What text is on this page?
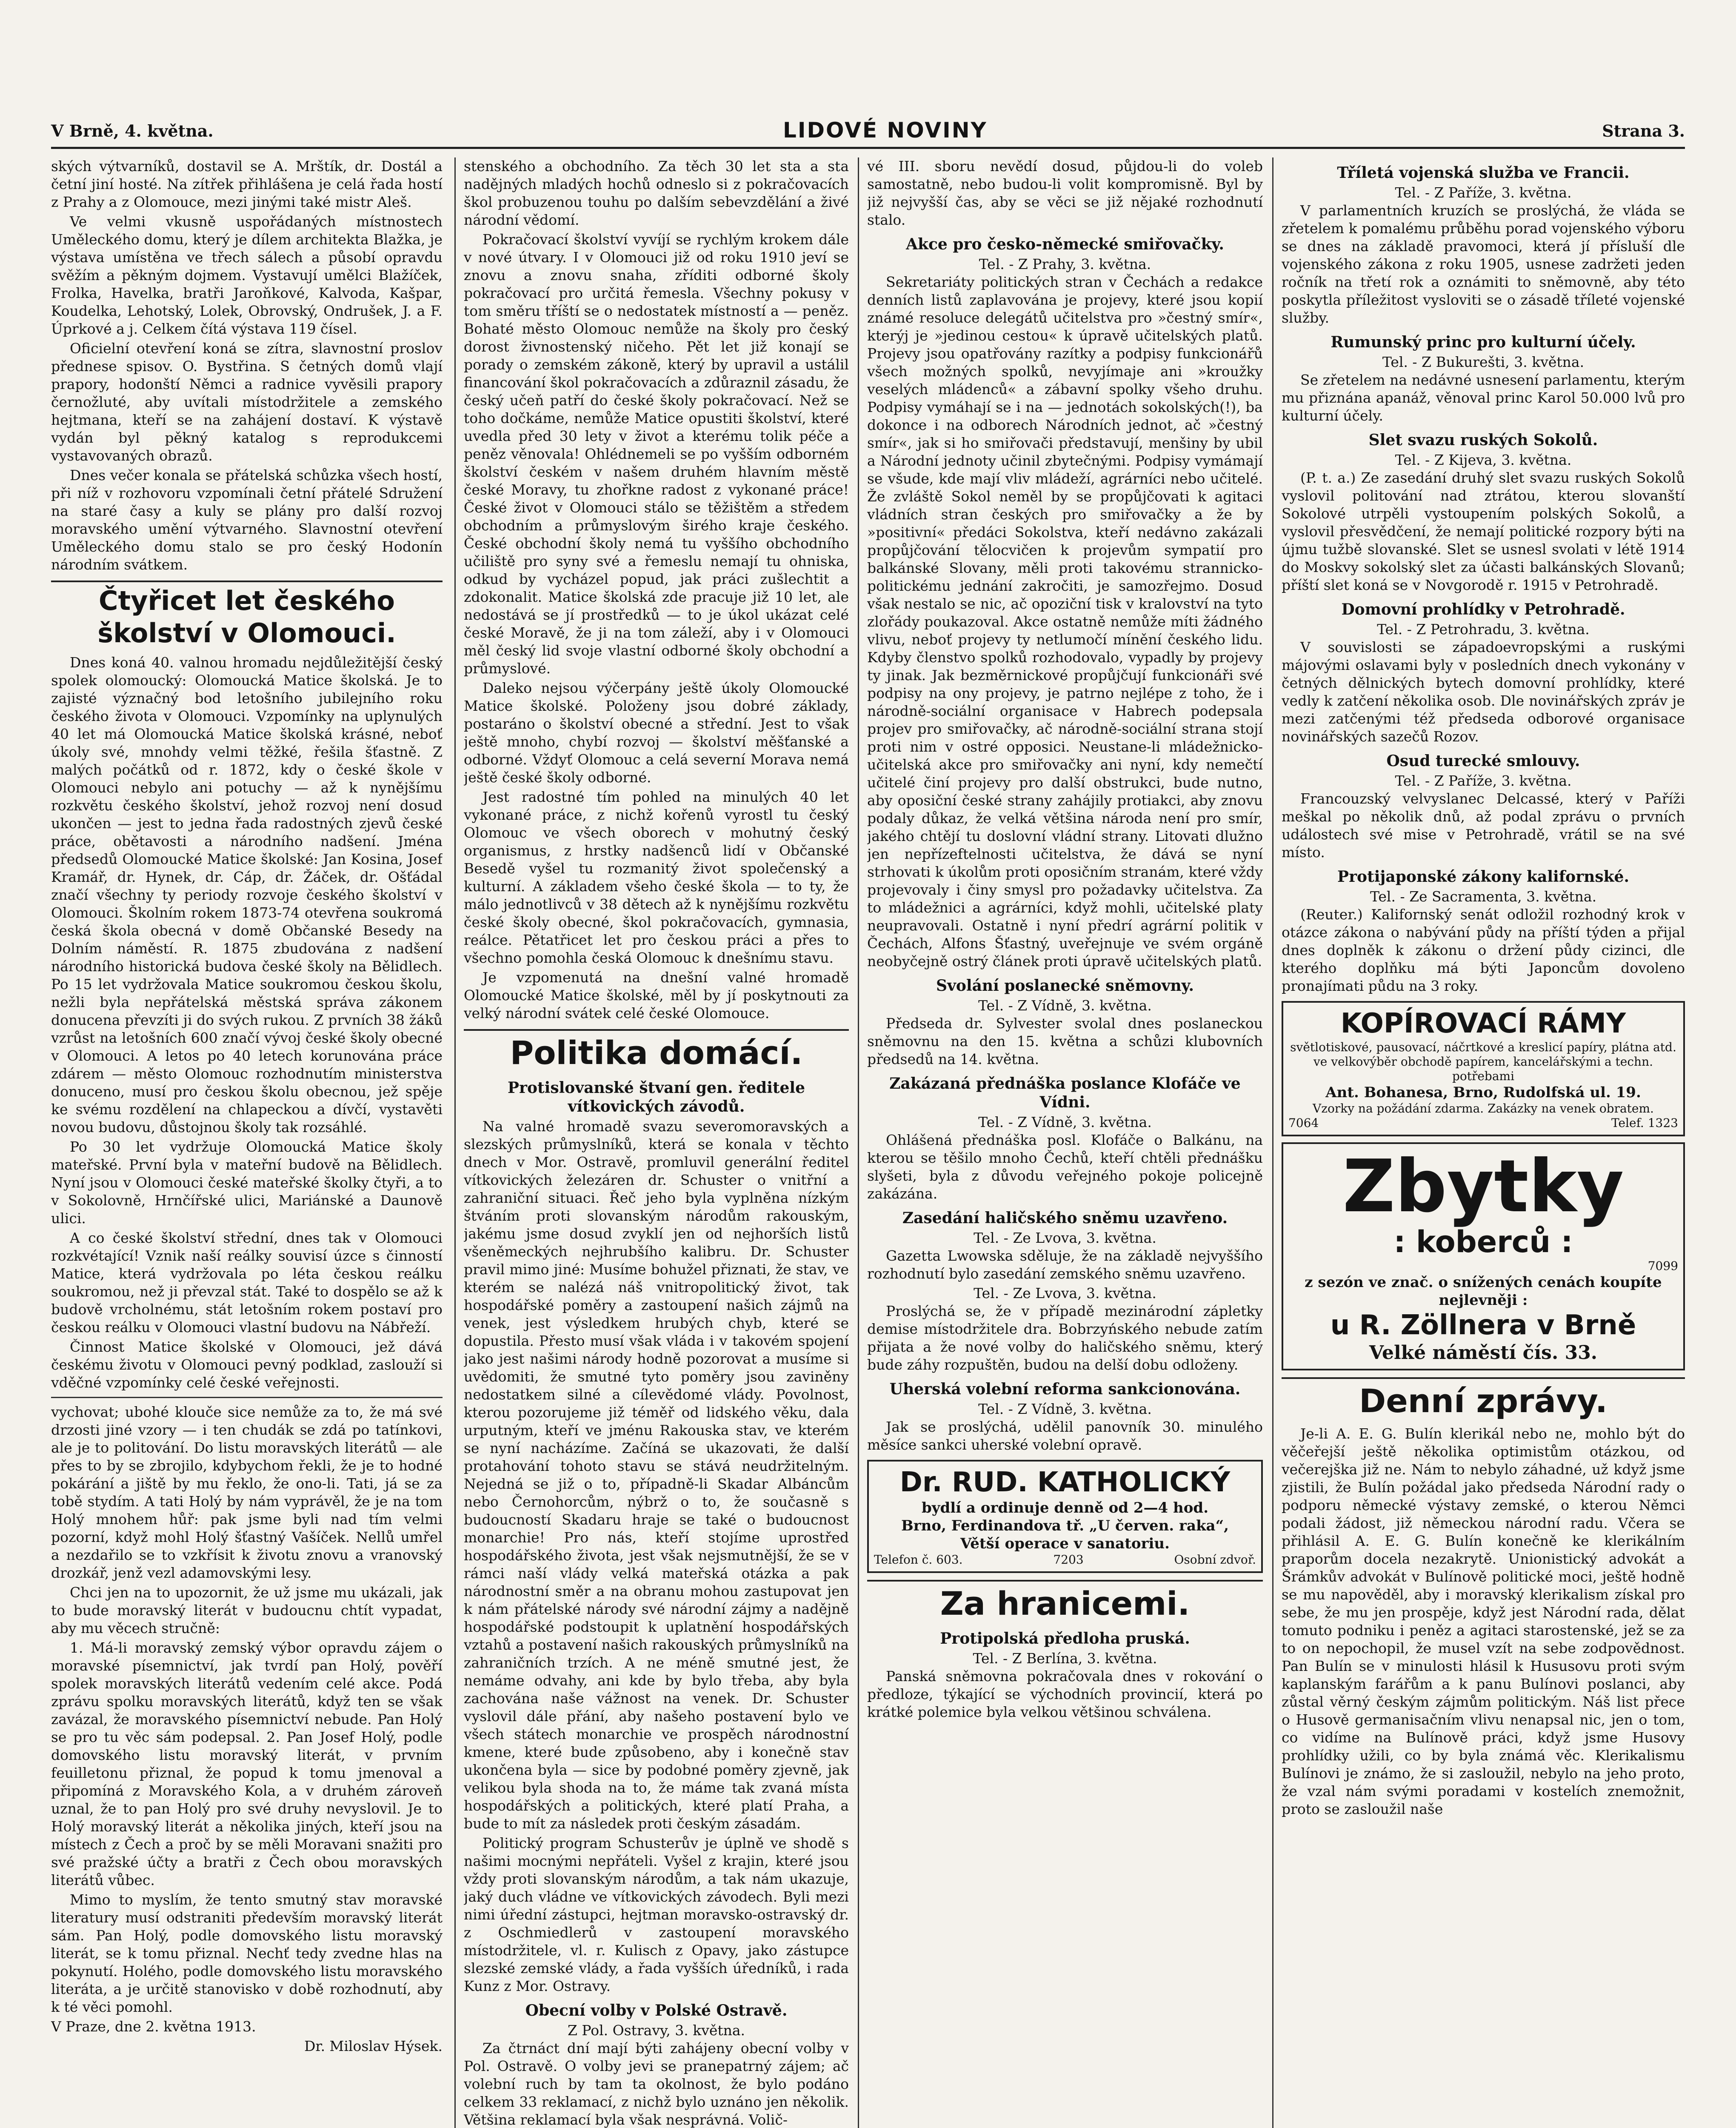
V Brně, 4. května.	LIDOVÉ NOVINY	Strana 3.

ských výtvarníků, dostavil se A. Mrštík, dr. Dostál a četní jiní hosté. Na zítřek přihlášena je celá řada hostí z Prahy a z Olomouce, mezi jinými také mistr Aleš.

Ve velmi vkusně uspořádaných místnostech Uměleckého domu, který je dílem architekta Blažka, je výstava umístěna ve třech sálech a působí opravdu svěžím a pěkným dojmem. Vystavují umělci Blažíček, Frolka, Havelka, bratři Jaroňkové, Kalvoda, Kašpar, Koudelka, Lehotský, Lolek, Obrovský, Ondrušek, J. a F. Úprkové a j. Celkem čítá výstava 119 čísel.

Oficielní otevření koná se zítra, slavnostní proslov přednese spisov. O. Bystřina. S četných domů vlají prapory, hodonští Němci a radnice vyvěsili prapory černožluté, aby uvítali místodržitele a zemského hejtmana, kteří se na zahájení dostaví. K výstavě vydán byl pěkný katalog s reprodukcemi vystavovaných obrazů.

Dnes večer konala se přátelská schůzka všech hostí, při níž v rozhovoru vzpomínali četní přátelé Sdružení na staré časy a kuly se plány pro další rozvoj moravského umění výtvarného. Slavnostní otevření Uměleckého domu stalo se pro český Hodonín národním svátkem.

Čtyřicet let českého školství v Olomouci.

Dnes koná 40. valnou hromadu nejdůležitější český spolek olomoucký: Olomoucká Matice školská. Je to zajisté význačný bod letošního jubilejního roku českého života v Olomouci. Vzpomínky na uplynulých 40 let má Olomoucká Matice školská krásné, neboť úkoly své, mnohdy velmi těžké, řešila šťastně. Z malých počátků od r. 1872, kdy o české škole v Olomouci nebylo ani potuchy — až k nynějšímu rozkvětu českého školství, jehož rozvoj není dosud ukončen — jest to jedna řada radostných zjevů české práce, obětavosti a národního nadšení. Jména předsedů Olomoucké Matice školské: Jan Kosina, Josef Kramář, dr. Hynek, dr. Cáp, dr. Žáček, dr. Ošťádal značí všechny ty periody rozvoje českého školství v Olomouci. Školním rokem 1873-74 otevřena soukromá česká škola obecná v domě Občanské Besedy na Dolním náměstí. R. 1875 zbudována z nadšení národního historická budova české školy na Bělidlech. Po 15 let vydržovala Matice soukromou českou školu, nežli byla nepřátelská městská správa zákonem donucena převzíti ji do svých rukou. Z prvních 38 žáků vzrůst na letošních 600 značí vývoj české školy obecné v Olomouci. A letos po 40 letech korunována práce zdárem — město Olomouc rozhodnutím ministerstva donuceno, musí pro českou školu obecnou, jež spěje ke svému rozdělení na chlapeckou a dívčí, vystavěti novou budovu, důstojnou školy tak rozsáhlé.

Po 30 let vydržuje Olomoucká Matice školy mateřské. První byla v mateřní budově na Bělidlech. Nyní jsou v Olomouci české mateřské školky čtyři, a to v Sokolovně, Hrnčířské ulici, Mariánské a Daunově ulici.

A co české školství střední, dnes tak v Olomouci rozkvétající! Vznik naší reálky souvisí úzce s činností Matice, která vydržovala po léta českou reálku soukromou, než ji převzal stát. Také to dospělo se až k budově vrcholnému, stát letošním rokem postaví pro českou reálku v Olomouci vlastní budovu na Nábřeží.

Činnost Matice školské v Olomouci, jež dává českému životu v Olomouci pevný podklad, zaslouží si vděčné vzpomínky celé české veřejnosti.

vychovat; ubohé klouče sice nemůže za to, že má své drzosti jiné vzory — i ten chudák se zdá po tatínkovi, ale je to politování. Do listu moravských literátů — ale přes to by se zbrojilo, kdybychom řekli, že je to hodné pokárání a jiště by mu řeklo, že ono-li. Tati, já se za tobě stydím. A tati Holý by nám vyprávěl, že je na tom Holý mnohem hůř: pak jsme byli nad tím velmi pozorní, když mohl Holý šťastný Vašíček. Nellů umřel a nezdařilo se to vzkřísit k životu znovu a vranovský drozkář, jenž vezl adamovskými lesy.

Chci jen na to upozornit, že už jsme mu ukázali, jak to bude moravský literát v budoucnu chtít vypadat, aby mu věcech stručně:

1. Má-li moravský zemský výbor opravdu zájem o moravské písemnictví, jak tvrdí pan Holý, pověří spolek moravských literátů vedením celé akce. Podá zprávu spolku moravských literátů, když ten se však zavázal, že moravského písemnictví nebude. Pan Holý se pro tu věc sám podepsal. 2. Pan Josef Holý, podle domovského listu moravský literát, v prvním feuilletonu přiznal, že popud k tomu jmenoval a připomíná z Moravského Kola, a v druhém zároveň uznal, že to pan Holý pro své druhy nevyslovil. Je to Holý moravský literát a několika jiných, kteří jsou na místech z Čech a proč by se měli Moravani snažiti pro své pražské účty a bratři z Čech obou moravských literátů vůbec.

Mimo to myslím, že tento smutný stav moravské literatury musí odstraniti především moravský literát sám. Pan Holý, podle domovského listu moravský literát, se k tomu přiznal. Nechť tedy zvedne hlas na pokynutí. Holého, podle domovského listu moravského literáta, a je určitě stanovisko v době rozhodnutí, aby k té věci pomohl.

V Praze, dne 2. května 1913.

Dr. Miloslav Hýsek.

stenského a obchodního. Za těch 30 let sta a sta nadějných mladých hochů odneslo si z pokračovacích škol probuzenou touhu po dalším sebevzdělání a živé národní vědomí.

Pokračovací školství vyvíjí se rychlým krokem dále v nové útvary. I v Olomouci již od roku 1910 jeví se znovu a znovu snaha, zříditi odborné školy pokračovací pro určitá řemesla. Všechny pokusy v tom směru tříští se o nedostatek místností a — peněz. Bohaté město Olomouc nemůže na školy pro český dorost živnostenský ničeho. Pět let již konají se porady o zemském zákoně, který by upravil a ustálil financování škol pokračovacích a zdůraznil zásadu, že český učeň patří do české školy pokračovací. Než se toho dočkáme, nemůže Matice opustiti školství, které uvedla před 30 lety v život a kterému tolik péče a peněz věnovala! Ohlédnemeli se po vyšším odborném školství českém v našem druhém hlavním městě české Moravy, tu zhořkne radost z vykonané práce! České život v Olomouci stálo se těžištěm a středem obchodním a průmyslovým širého kraje českého. České obchodní školy nemá tu vyššího obchodního učiliště pro syny své a řemeslu nemají tu ohniska, odkud by vycházel popud, jak práci zušlechtit a zdokonalit. Matice školská zde pracuje již 10 let, ale nedostává se jí prostředků — to je úkol ukázat celé české Moravě, že ji na tom záleží, aby i v Olomouci měl český lid svoje vlastní odborné školy obchodní a průmyslové.

Daleko nejsou výčerpány ještě úkoly Olomoucké Matice školské. Položeny jsou dobré základy, postaráno o školství obecné a střední. Jest to však ještě mnoho, chybí rozvoj — školství měšťanské a odborné. Vždyť Olomouc a celá severní Morava nemá ještě české školy odborné.

Jest radostné tím pohled na minulých 40 let vykonané práce, z nichž kořenů vyrostl tu český Olomouc ve všech oborech v mohutný český organismus, z hrstky nadšenců lidí v Občanské Besedě vyšel tu rozmanitý život společenský a kulturní. A základem všeho české škola — to ty, že málo jednotlivců v 38 dětech až k nynějšímu rozkvětu české školy obecné, škol pokračovacích, gymnasia, reálce. Pětatřicet let pro českou práci a přes to všechno pomohla česká Olomouc k dnešnímu stavu.

Je vzpomenutá na dnešní valné hromadě Olomoucké Matice školské, měl by jí poskytnouti za velký národní svátek celé české Olomouce.

Politika domácí.
Protislovanské štvaní gen. ředitele vítkovických závodů.

Na valné hromadě svazu severomoravských a slezských průmyslníků, která se konala v těchto dnech v Mor. Ostravě, promluvil generální ředitel vítkovických železáren dr. Schuster o vnitřní a zahraniční situaci. Řeč jeho byla vyplněna nízkým štváním proti slovanským národům rakouským, jakému jsme dosud zvyklí jen od nejhorších listů všeněmeckých nejhrubšího kalibru. Dr. Schuster pravil mimo jiné: Musíme bohužel přiznati, že stav, ve kterém se nalézá náš vnitropolitický život, tak hospodářské poměry a zastoupení našich zájmů na venek, jest výsledkem hrubých chyb, které se dopustila. Přesto musí však vláda i v takovém spojení jako jest našimi národy hodně pozorovat a musíme si uvědomiti, že smutné tyto poměry jsou zaviněny nedostatkem silné a cílevědomé vlády. Povolnost, kterou pozorujeme již téměř od lidského věku, dala urputným, kteří ve jménu Rakouska stav, ve kterém se nyní nacházíme. Začíná se ukazovati, že další protahování tohoto stavu se stává neudržitelným. Nejedná se již o to, případně-li Skadar Albáncům nebo Černohorcům, nýbrž o to, že současně s budoucností Skadaru hraje se také o budoucnost monarchie! Pro nás, kteří stojíme uprostřed hospodářského života, jest však nejsmutnější, že se v rámci naší vlády velká mateřská otázka a pak národnostní směr a na obranu mohou zastupovat jen k nám přátelské národy své národní zájmy a nadějně hospodářské podstoupit k uplatnění hospodářských vztahů a postavení našich rakouských průmyslníků na zahraničních trzích. A ne méně smutné jest, že nemáme odvahy, ani kde by bylo třeba, aby byla zachována naše vážnost na venek. Dr. Schuster vyslovil dále přání, aby našeho postavení bylo ve všech státech monarchie ve prospěch národnostní kmene, které bude způsobeno, aby i konečně stav ukončena byla — sice by podobné poměry zjevně, jak velikou byla shoda na to, že máme tak zvaná místa hospodářských a politických, které platí Praha, a bude to mít za následek proti českým zásadám.

Politický program Schusterův je úplně ve shodě s našimi mocnými nepřáteli. Vyšel z krajin, které jsou vždy proti slovanským národům, a tak nám ukazuje, jaký duch vládne ve vítkovických závodech. Byli mezi nimi úřední zástupci, hejtman moravsko-ostravský dr. z Oschmiedlerů v zastoupení moravského místodržitele, vl. r. Kulisch z Opavy, jako zástupce slezské zemské vlády, a řada vyšších úředníků, i rada Kunz z Mor. Ostravy.

Obecní volby v Polské Ostravě.
Z Pol. Ostravy, 3. května.

Za čtrnáct dní mají býti zahájeny obecní volby v Pol. Ostravě. O volby jevi se pranepatrný zájem; ač volební ruch by tam ta okolnost, že bylo podáno celkem 33 reklamací, z nichž bylo uznáno jen několik. Většina reklamací byla však nesprávná. Volič-

vé III. sboru nevědí dosud, půjdou-li do voleb samostatně, nebo budou-li volit kompromisně. Byl by již nejvyšší čas, aby se věci se již nějaké rozhodnutí stalo.

Akce pro česko-německé smiřovačky.
Tel. - Z Prahy, 3. května.

Sekretariáty politických stran v Čechách a redakce denních listů zaplavována je projevy, které jsou kopií známé resoluce delegátů učitelstva pro »čestný smír«, kterýj je »jedinou cestou« k úpravě učitelských platů. Projevy jsou opatřovány razítky a podpisy funkcionářů všech možných spolků, nevyjímaje ani »kroužky veselých mládenců« a zábavní spolky všeho druhu. Podpisy vymáhají se i na — jednotách sokolských(!), ba dokonce i na odborech Národních jednot, ač »čestný smír«, jak si ho smiřovači představují, menšiny by ubil a Národní jednoty učinil zbytečnými. Podpisy vymámají se všude, kde mají vliv mládeží, agrárníci nebo učitelé. Že zvláště Sokol neměl by se propůjčovati k agitaci vládních stran českých pro smiřovačky a že by »positivní« předáci Sokolstva, kteří nedávno zakázali propůjčování tělocvičen k projevům sympatií pro balkánské Slovany, měli proti takovému strannicko-politickému jednání zakročiti, je samozřejmo. Dosud však nestalo se nic, ač opoziční tisk v kralovství na tyto zlořády poukazoval. Akce ostatně nemůže míti žádného vlivu, neboť projevy ty netlumočí mínění českého lidu. Kdyby členstvo spolků rozhodovalo, vypadly by projevy ty jinak. Jak bezměrnickové propůjčují funkcionáři své podpisy na ony projevy, je patrno nejlépe z toho, že i národně-sociální organisace v Habrech podepsala projev pro smiřovačky, ač národně-sociální strana stojí proti nim v ostré opposici. Neustane-li mládežnicko-učitelská akce pro smiřovačky ani nyní, kdy nemečtí učitelé činí projevy pro další obstrukci, bude nutno, aby oposiční české strany zahájily protiakci, aby znovu podaly důkaz, že velká většina národa není pro smír, jakého chtějí tu doslovní vládní strany. Litovati dlužno jen nepřízeftelnosti učitelstva, že dává se nyní strhovati k úkolům proti oposičním stranám, které vždy projevovaly i činy smysl pro požadavky učitelstva. Za to mládežnici a agrárníci, když mohli, učitelské platy neupravovali. Ostatně i nyní předrí agrární politik v Čechách, Alfons Šťastný, uveřejnuje ve svém orgáně neobyčejně ostrý článek proti úpravě učitelských platů.

Svolání poslanecké sněmovny.
Tel. - Z Vídně, 3. května.

Předseda dr. Sylvester svolal dnes poslaneckou sněmovnu na den 15. května a schůzi klubovních předsedů na 14. května.

Zakázaná přednáška poslance Klofáče ve Vídni.
Tel. - Z Vídně, 3. května.

Ohlášená přednáška posl. Klofáče o Balkánu, na kterou se těšilo mnoho Čechů, kteří chtěli přednášku slyšeti, byla z důvodu veřejného pokoje policejně zakázána.

Zasedání haličského sněmu uzavřeno.
Tel. - Ze Lvova, 3. května.

Gazetta Lwowska sděluje, že na základě nejvyššího rozhodnutí bylo zasedání zemského sněmu uzavřeno.

Tel. - Ze Lvova, 3. května.

Proslýchá se, že v případě mezinárodní zápletky demise místodržitele dra. Bobrzyńského nebude zatím přijata a že nové volby do haličského sněmu, který bude záhy rozpuštěn, budou na delší dobu odloženy.

Uherská volební reforma sankcionována.
Tel. - Z Vídně, 3. května.

Jak se proslýchá, udělil panovník 30. minulého měsíce sankci uherské volební opravě.

Dr. RUD. KATHOLICKÝ
bydlí a ordinuje denně od 2—4 hod.
Brno, Ferdinandova tř. „U červen. raka“,
Větší operace v sanatoriu.
Telefon č. 603.	7203	Osobní zdvoř.
Za hranicemi.
Protipolská předloha pruská.
Tel. - Z Berlína, 3. května.

Panská sněmovna pokračovala dnes v rokování o předloze, týkající se východních provincií, která po krátké polemice byla velkou většinou schválena.

Tříletá vojenská služba ve Francii.
Tel. - Z Paříže, 3. května.

V parlamentních kruzích se proslýchá, že vláda se zřetelem k pomalému průběhu porad vojenského výboru se dnes na základě pravomoci, která jí přísluší dle vojenského zákona z roku 1905, usnese zadržeti jeden ročník na třetí rok a oznámiti to sněmovně, aby této poskytla příležitost vysloviti se o zásadě tříleté vojenské služby.

Rumunský princ pro kulturní účely.
Tel. - Z Bukurešti, 3. května.

Se zřetelem na nedávné usnesení parlamentu, kterým mu přiznána apanáž, věnoval princ Karol 50.000 lvů pro kulturní účely.

Slet svazu ruských Sokolů.
Tel. - Z Kijeva, 3. května.

(P. t. a.) Ze zasedání druhý slet svazu ruských Sokolů vyslovil politování nad ztrátou, kterou slovanští Sokolové utrpěli vystoupením polských Sokolů, a vyslovil přesvědčení, že nemají politické rozpory býti na újmu tužbě slovanské. Slet se usnesl svolati v létě 1914 do Moskvy sokolský slet za účasti balkánských Slovanů; příští slet koná se v Novgorodě r. 1915 v Petrohradě.

Domovní prohlídky v Petrohradě.
Tel. - Z Petrohradu, 3. května.

V souvislosti se západoevropskými a ruskými májovými oslavami byly v posledních dnech vykonány v četných dělnických bytech domovní prohlídky, které vedly k zatčení několika osob. Dle novinářských zpráv je mezi zatčenými též předseda odborové organisace novinářských sazečů Rozov.

Osud turecké smlouvy.
Tel. - Z Paříže, 3. května.

Francouzský velvyslanec Delcassé, který v Paříži meškal po několik dnů, až podal zprávu o prvních událostech své mise v Petrohradě, vrátil se na své místo.

Protijaponské zákony kalifornské.
Tel. - Ze Sacramenta, 3. května.

(Reuter.) Kalifornský senát odložil rozhodný krok v otázce zákona o nabývání půdy na příští týden a přijal dnes doplněk k zákonu o držení půdy cizinci, dle kterého doplňku má býti Japoncům dovoleno pronajímati půdu na 3 roky.

KOPÍROVACÍ RÁMY
světlotiskové, pausovací, náčrtkové a kreslicí papíry, plátna atd. ve velkovýběr obchodě papírem, kancelářskými a techn. potřebami
Ant. Bohanesa, Brno, Rudolfská ul. 19.
Vzorky na požádání zdarma. Zakázky na venek obratem.
7064	Telef. 1323
Zbytky
: koberců :
7099
z sezón ve znač. o snížených cenách koupíte nejlevněji :
u R. Zöllnera v Brně
Velké náměstí čís. 33.
Denní zprávy.

Je-li A. E. G. Bulín klerikál nebo ne, mohlo být do věčeřejší ještě několika optimistům otázkou, od večerejška již ne. Nám to nebylo záhadné, už když jsme zjistili, že Bulín požádal jako předseda Národní rady o podporu německé výstavy zemské, o kterou Němci podali žádost, již německou národní radu. Včera se přihlásil A. E. G. Bulín konečně ke klerikálním praporům docela nezakrytě. Unionistický advokát a Šrámkův advokát v Bulínově politické moci, ještě hodně se mu napověděl, aby i moravský klerikalism získal pro sebe, že mu jen prospěje, když jest Národní rada, dělat tomuto podniku i peněz a agitaci starostenské, jež se za to on nepochopil, že musel vzít na sebe zodpovědnost. Pan Bulín se v minulosti hlásil k Hususovu proti svým kaplanským farářům a k panu Bulínovi poslanci, aby zůstal věrný českým zájmům politickým. Náš list přece o Husově germanisačním vlivu nenapsal nic, jen o tom, co vidíme na Bulínově práci, když jsme Husovy prohlídky užili, co by byla známá věc. Klerikalismu Bulínovi je známo, že si zasloužil, nebylo na jeho proto, že vzal nám svými poradami v kostelích znemožnit, proto se zasloužil naše
